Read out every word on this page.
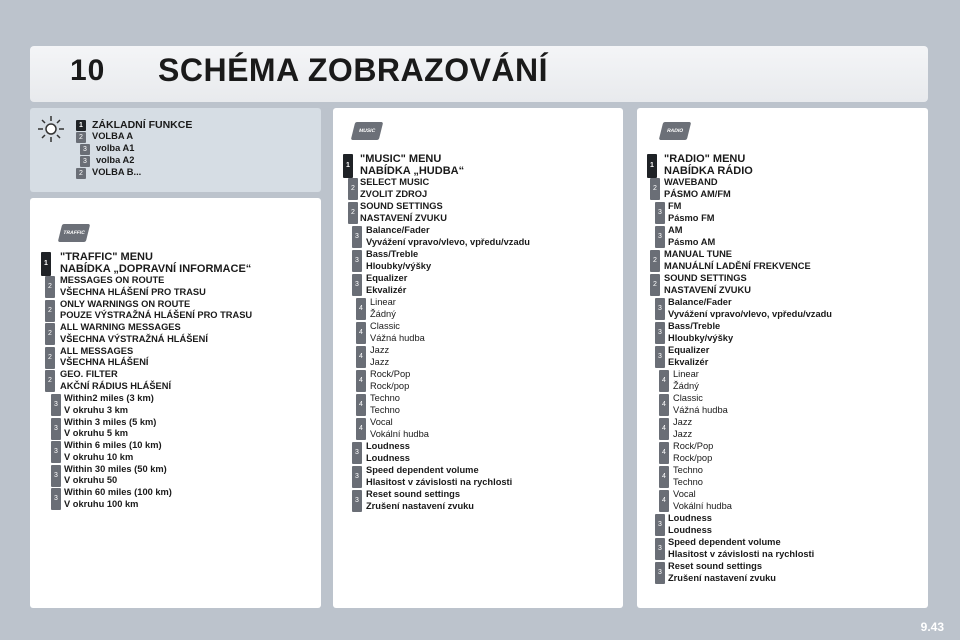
10 SCHÉMA ZOBRAZOVÁNÍ
1 ZÁKLADNÍ FUNKCE
2 VOLBA A
3 volba A1
3 volba A2
2 VOLBA B...
TRAFFIC
1
"TRAFFIC" MENU
NABÍDKA „DOPRAVNÍ INFORMACE“
2
MESSAGES ON ROUTE
VŠECHNA HLÁŠENÍ PRO TRASU
2
ONLY WARNINGS ON ROUTE
POUZE VÝSTRAŽNÁ HLÁŠENÍ PRO TRASU
2
ALL WARNING MESSAGES
VŠECHNA VÝSTRAŽNÁ HLÁŠENÍ
2
ALL MESSAGES
VŠECHNA HLÁŠENÍ
2
GEO. FILTER
AKČNÍ RÁDIUS HLÁŠENÍ
3
Within2 miles (3 km)
V okruhu 3 km
3
Within 3 miles (5 km)
V okruhu 5 km
3
Within 6 miles (10 km)
V okruhu 10 km
3
Within 30 miles (50 km)
V okruhu 50
3
Within 60 miles (100 km)
V okruhu 100 km
MUSIC
1
"MUSIC" MENU
NABÍDKA „HUDBA“
2
SELECT MUSIC
ZVOLIT ZDROJ
2
SOUND SETTINGS
NASTAVENÍ ZVUKU
3
Balance/Fader
Vyvážení vpravo/vlevo, vpředu/vzadu
3
Bass/Treble
Hloubky/výšky
3
Equalizer
Ekvalizér
4
Linear
Žádný
4
Classic
Vážná hudba
4
Jazz
Jazz
4
Rock/Pop
Rock/pop
4
Techno
Techno
4
Vocal
Vokální hudba
3
Loudness
Loudness
3
Speed dependent volume
Hlasitost v závislosti na rychlosti
3
Reset sound settings
Zrušení nastavení zvuku
RADIO
1
"RADIO" MENU
NABÍDKA RÁDIO
2
WAVEBAND
PÁSMO AM/FM
3
FM
Pásmo FM
3
AM
Pásmo AM
2
MANUAL TUNE
MANUÁLNÍ LADĚNÍ FREKVENCE
2
SOUND SETTINGS
NASTAVENÍ ZVUKU
3
Balance/Fader
Vyvážení vpravo/vlevo, vpředu/vzadu
3
Bass/Treble
Hloubky/výšky
3
Equalizer
Ekvalizér
4
Linear
Žádný
4
Classic
Vážná hudba
4
Jazz
Jazz
4
Rock/Pop
Rock/pop
4
Techno
Techno
4
Vocal
Vokální hudba
3
Loudness
Loudness
3
Speed dependent volume
Hlasitost v závislosti na rychlosti
3
Reset sound settings
Zrušení nastavení zvuku
9.43
